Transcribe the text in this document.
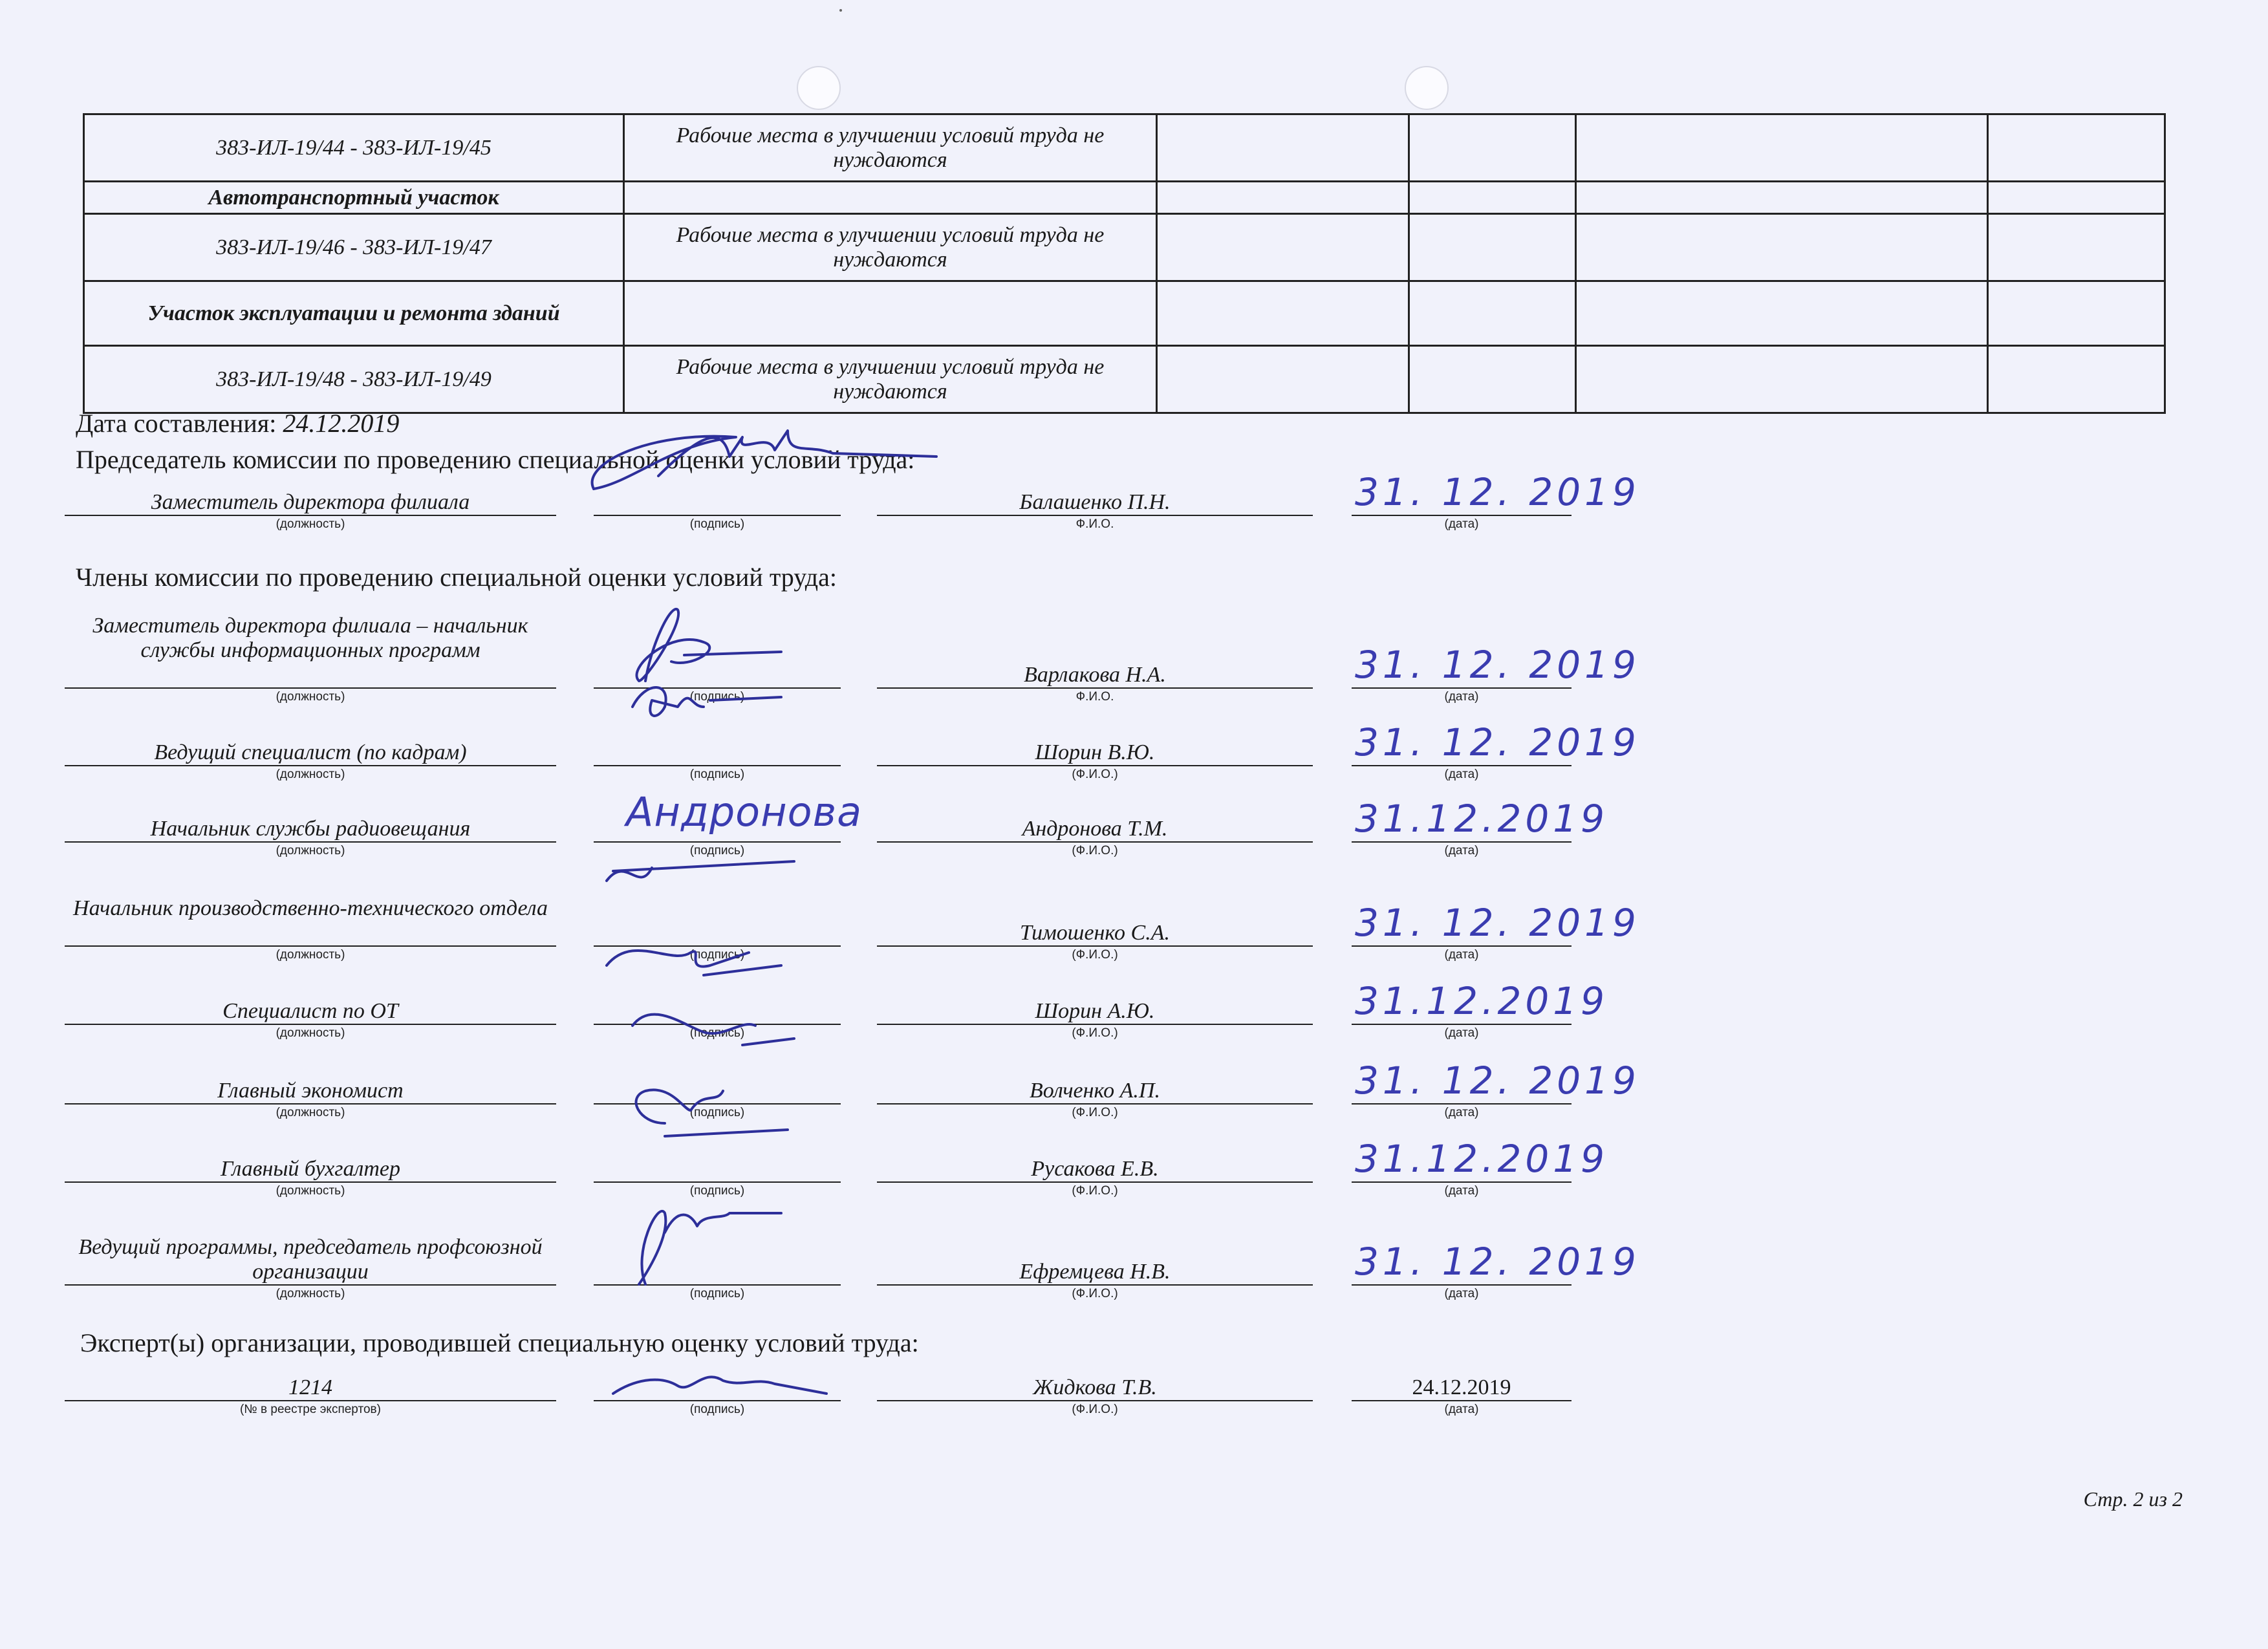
383-ИЛ-19/44 - 383-ИЛ-19/45	Рабочие места в улучшении условий труда не нуждаются				
Автотранспортный участок					
383-ИЛ-19/46 - 383-ИЛ-19/47	Рабочие места в улучшении условий труда не нуждаются				
Участок эксплуатации и ремонта зданий					
383-ИЛ-19/48 - 383-ИЛ-19/49	Рабочие места в улучшении условий труда не нуждаются				
Дата составления: 24.12.2019
Председатель комиссии по проведению специальной оценки условий труда:
Заместитель директора филиала	Балашенко П.Н.	31. 12. 2019
(должность)	(подпись)	Ф.И.О.	(дата)
Заместитель директора филиала – начальник службы информационных программ
Варлакова Н.А.	31. 12. 2019
(должность)	(подпись)	Ф.И.О.	(дата)
Ведущий специалист (по кадрам)	Шорин В.Ю.	31. 12. 2019
(должность)	(подпись)	(Ф.И.О.)	(дата)
Начальник службы радиовещания	Андронова Т.М.	31.12.2019
(должность)	(подпись)	(Ф.И.О.)	(дата)
Андронова
Начальник производственно-технического отдела
Тимошенко С.А.	31. 12. 2019
(должность)	(подпись)	(Ф.И.О.)	(дата)
Специалист по ОТ	Шорин А.Ю.	31.12.2019
(должность)	(подпись)	(Ф.И.О.)	(дата)
Главный экономист	Волченко А.П.	31. 12. 2019
(должность)	(подпись)	(Ф.И.О.)	(дата)
Главный бухгалтер	Русакова Е.В.	31.12.2019
(должность)	(подпись)	(Ф.И.О.)	(дата)
Ведущий программы, председатель профсоюзной организации	Ефремцева Н.В.	31. 12. 2019
(должность)	(подпись)	(Ф.И.О.)	(дата)
1214	Жидкова Т.В.	24.12.2019
(№ в реестре экспертов)	(подпись)	(Ф.И.О.)	(дата)
Члены комиссии по проведению специальной оценки условий труда:
Эксперт(ы) организации, проводившей специальную оценку условий труда:
Стр. 2 из 2
